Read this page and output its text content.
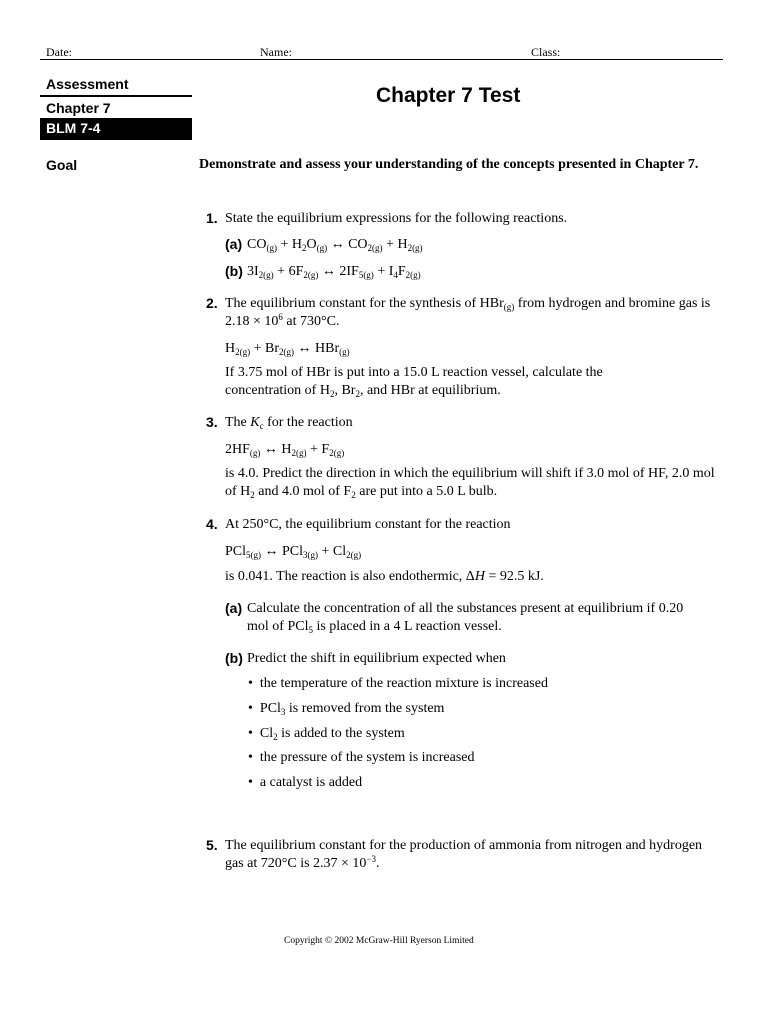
Date:	Name:	Class:
Assessment
Chapter 7
BLM 7-4
Chapter 7 Test
Goal	Demonstrate and assess your understanding of the concepts presented in Chapter 7.
1. State the equilibrium expressions for the following reactions.
(a) $CO_{(g)} + H_2O_{(g)}$ ↔ $CO_{2(g)} + H_{2(g)}$
(b) $3I_{2(g)} + 6F_{2(g)}$ ↔ $2IF_{5(g)} + I_4F_{2(g)}$
2. The equilibrium constant for the synthesis of HBr$_{(g)}$ from hydrogen and bromine gas is $2.18 \times 10^6$ at 730°C.
$H_{2(g)} + Br_{2(g)}$ ↔ HBr$_{(g)}$
If 3.75 mol of HBr is put into a 15.0 L reaction vessel, calculate the concentration of $H_2$, $Br_2$, and HBr at equilibrium.
3. The $K_c$ for the reaction
$2HF_{(g)}$ ↔ $H_{2(g)} + F_{2(g)}$
is 4.0. Predict the direction in which the equilibrium will shift if 3.0 mol of HF, 2.0 mol of $H_2$ and 4.0 mol of $F_2$ are put into a 5.0 L bulb.
4. At 250°C, the equilibrium constant for the reaction
PCl$_{5(g)}$ ↔ $PCl_{3(g)} + Cl_{2(g)}$
is 0.041. The reaction is also endothermic, ΔH = 92.5 kJ.
(a) Calculate the concentration of all the substances present at equilibrium if 0.20 mol of PCl$_5$ is placed in a 4 L reaction vessel.
(b) Predict the shift in equilibrium expected when
•  the temperature of the reaction mixture is increased
•  PCl$_3$ is removed from the system
•  $Cl_2$ is added to the system
•  the pressure of the system is increased
•  a catalyst is added
5. The equilibrium constant for the production of ammonia from nitrogen and hydrogen gas at 720°C is $2.37 \times 10^{-3}$.
Copyright © 2002 McGraw-Hill Ryerson Limited
